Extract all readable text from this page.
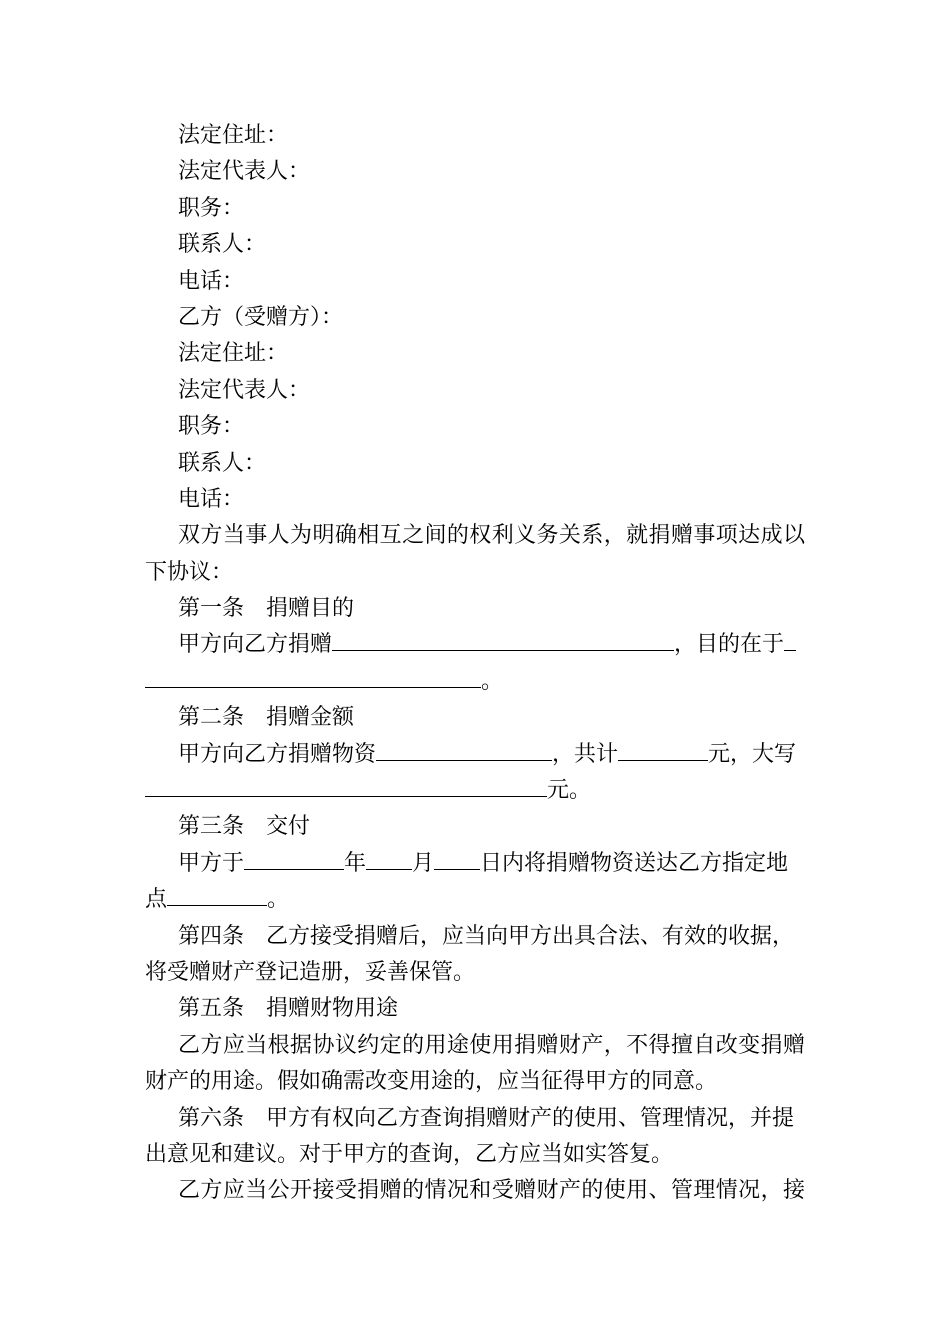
法定住址：
法定代表人：
职务：
联系人：
电话：
乙方（受赠方）：
法定住址：
法定代表人：
职务：
联系人：
电话：
双方当事人为明确相互之间的权利义务关系，就捐赠事项达成以
下协议：
第一条 捐赠目的
甲方向乙方捐赠	，目的在于
。
第二条 捐赠金额
甲方向乙方捐赠物资	，共计	元，大写
元。
第三条 交付
甲方于	年 月 日内将捐赠物资送达乙方指定地
点	。
第四条 乙方接受捐赠后，应当向甲方出具合法、有效的收据，
将受赠财产登记造册，妥善保管。
第五条 捐赠财物用途
乙方应当根据协议约定的用途使用捐赠财产，不得擅自改变捐赠
财产的用途。假如确需改变用途的，应当征得甲方的同意。
第六条 甲方有权向乙方查询捐赠财产的使用、管理情况，并提
出意见和建议。对于甲方的查询，乙方应当如实答复。
乙方应当公开接受捐赠的情况和受赠财产的使用、管理情况，接
